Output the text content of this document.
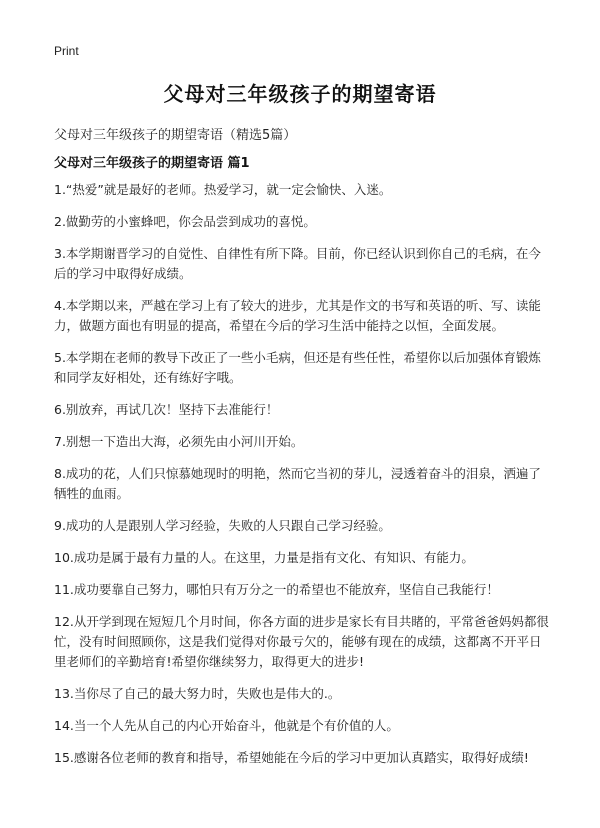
Print
父母对三年级孩子的期望寄语
父母对三年级孩子的期望寄语（精选5篇）
父母对三年级孩子的期望寄语 篇1

1.“热爱”就是最好的老师。热爱学习，就一定会愉快、入迷。

2.做勤劳的小蜜蜂吧，你会品尝到成功的喜悦。

3.本学期谢晋学习的自觉性、自律性有所下降。目前，你已经认识到你自己的毛病，在今后的学习中取得好成绩。

4.本学期以来，严越在学习上有了较大的进步，尤其是作文的书写和英语的听、写、读能力，做题方面也有明显的提高，希望在今后的学习生活中能持之以恒，全面发展。

5.本学期在老师的教导下改正了一些小毛病，但还是有些任性，希望你以后加强体育锻炼和同学友好相处，还有练好字哦。

6.别放弃，再试几次！坚持下去准能行！

7.别想一下造出大海，必须先由小河川开始。

8.成功的花，人们只惊慕她现时的明艳，然而它当初的芽儿，浸透着奋斗的泪泉，洒遍了牺牲的血雨。

9.成功的人是跟别人学习经验，失败的人只跟自己学习经验。

10.成功是属于最有力量的人。在这里，力量是指有文化、有知识、有能力。

11.成功要靠自己努力，哪怕只有万分之一的希望也不能放弃，坚信自己我能行！

12.从开学到现在短短几个月时间，你各方面的进步是家长有目共睹的，平常爸爸妈妈都很忙，没有时间照顾你，这是我们觉得对你最亏欠的，能够有现在的成绩，这都离不开平日里老师们的辛勤培育!希望你继续努力，取得更大的进步!

13.当你尽了自己的最大努力时，失败也是伟大的.。

14.当一个人先从自己的内心开始奋斗，他就是个有价值的人。

15.感谢各位老师的教育和指导，希望她能在今后的学习中更加认真踏实，取得好成绩!
